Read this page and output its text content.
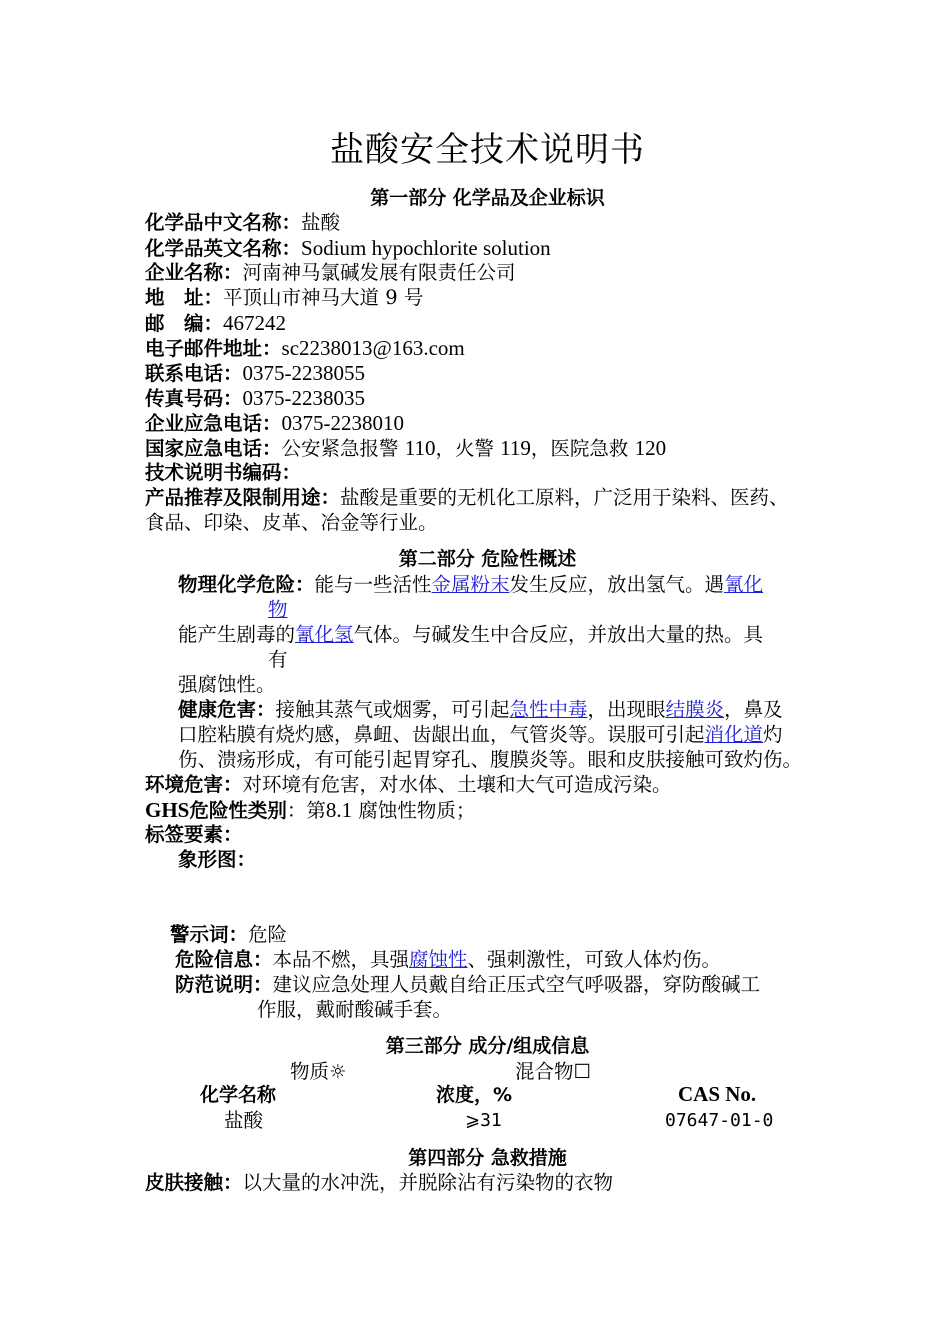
盐酸安全技术说明书
第一部分 化学品及企业标识
化学品中文名称：盐酸
化学品英文名称：Sodium hypochlorite solution
企业名称：河南神马氯碱发展有限责任公司
地　址：平顶山市神马大道 9 号
邮　编：467242
电子邮件地址：sc2238013@163.com
联系电话：0375-2238055
传真号码：0375-2238035
企业应急电话：0375-2238010
国家应急电话：公安紧急报警 110，火警 119，医院急救 120
技术说明书编码：
产品推荐及限制用途：盐酸是重要的无机化工原料，广泛用于染料、医药、
食品、印染、皮革、冶金等行业。
第二部分 危险性概述
物理化学危险：能与一些活性金属粉末发生反应，放出氢气。遇氰化
物
能产生剧毒的氰化氢气体。与碱发生中合反应，并放出大量的热。具
有
强腐蚀性。
健康危害：接触其蒸气或烟雾，可引起急性中毒，出现眼结膜炎，鼻及
口腔粘膜有烧灼感，鼻衄、齿龈出血，气管炎等。误服可引起消化道灼
伤、溃疡形成，有可能引起胃穿孔、腹膜炎等。眼和皮肤接触可致灼伤。
环境危害：对环境有危害，对水体、土壤和大气可造成污染。
GHS危险性类别：第8.1 腐蚀性物质；
标签要素：
象形图：
警示词：危险
危险信息：本品不燃，具强腐蚀性、强刺激性，可致人体灼伤。
防范说明：建议应急处理人员戴自给正压式空气呼吸器，穿防酸碱工
作服，戴耐酸碱手套。
第三部分 成分/组成信息
物质☼	混合物☐
化学名称	浓度，%	CAS No.
盐酸	⩾31	07647-01-0
第四部分 急救措施
皮肤接触：以大量的水冲洗，并脱除沾有污染物的衣物
